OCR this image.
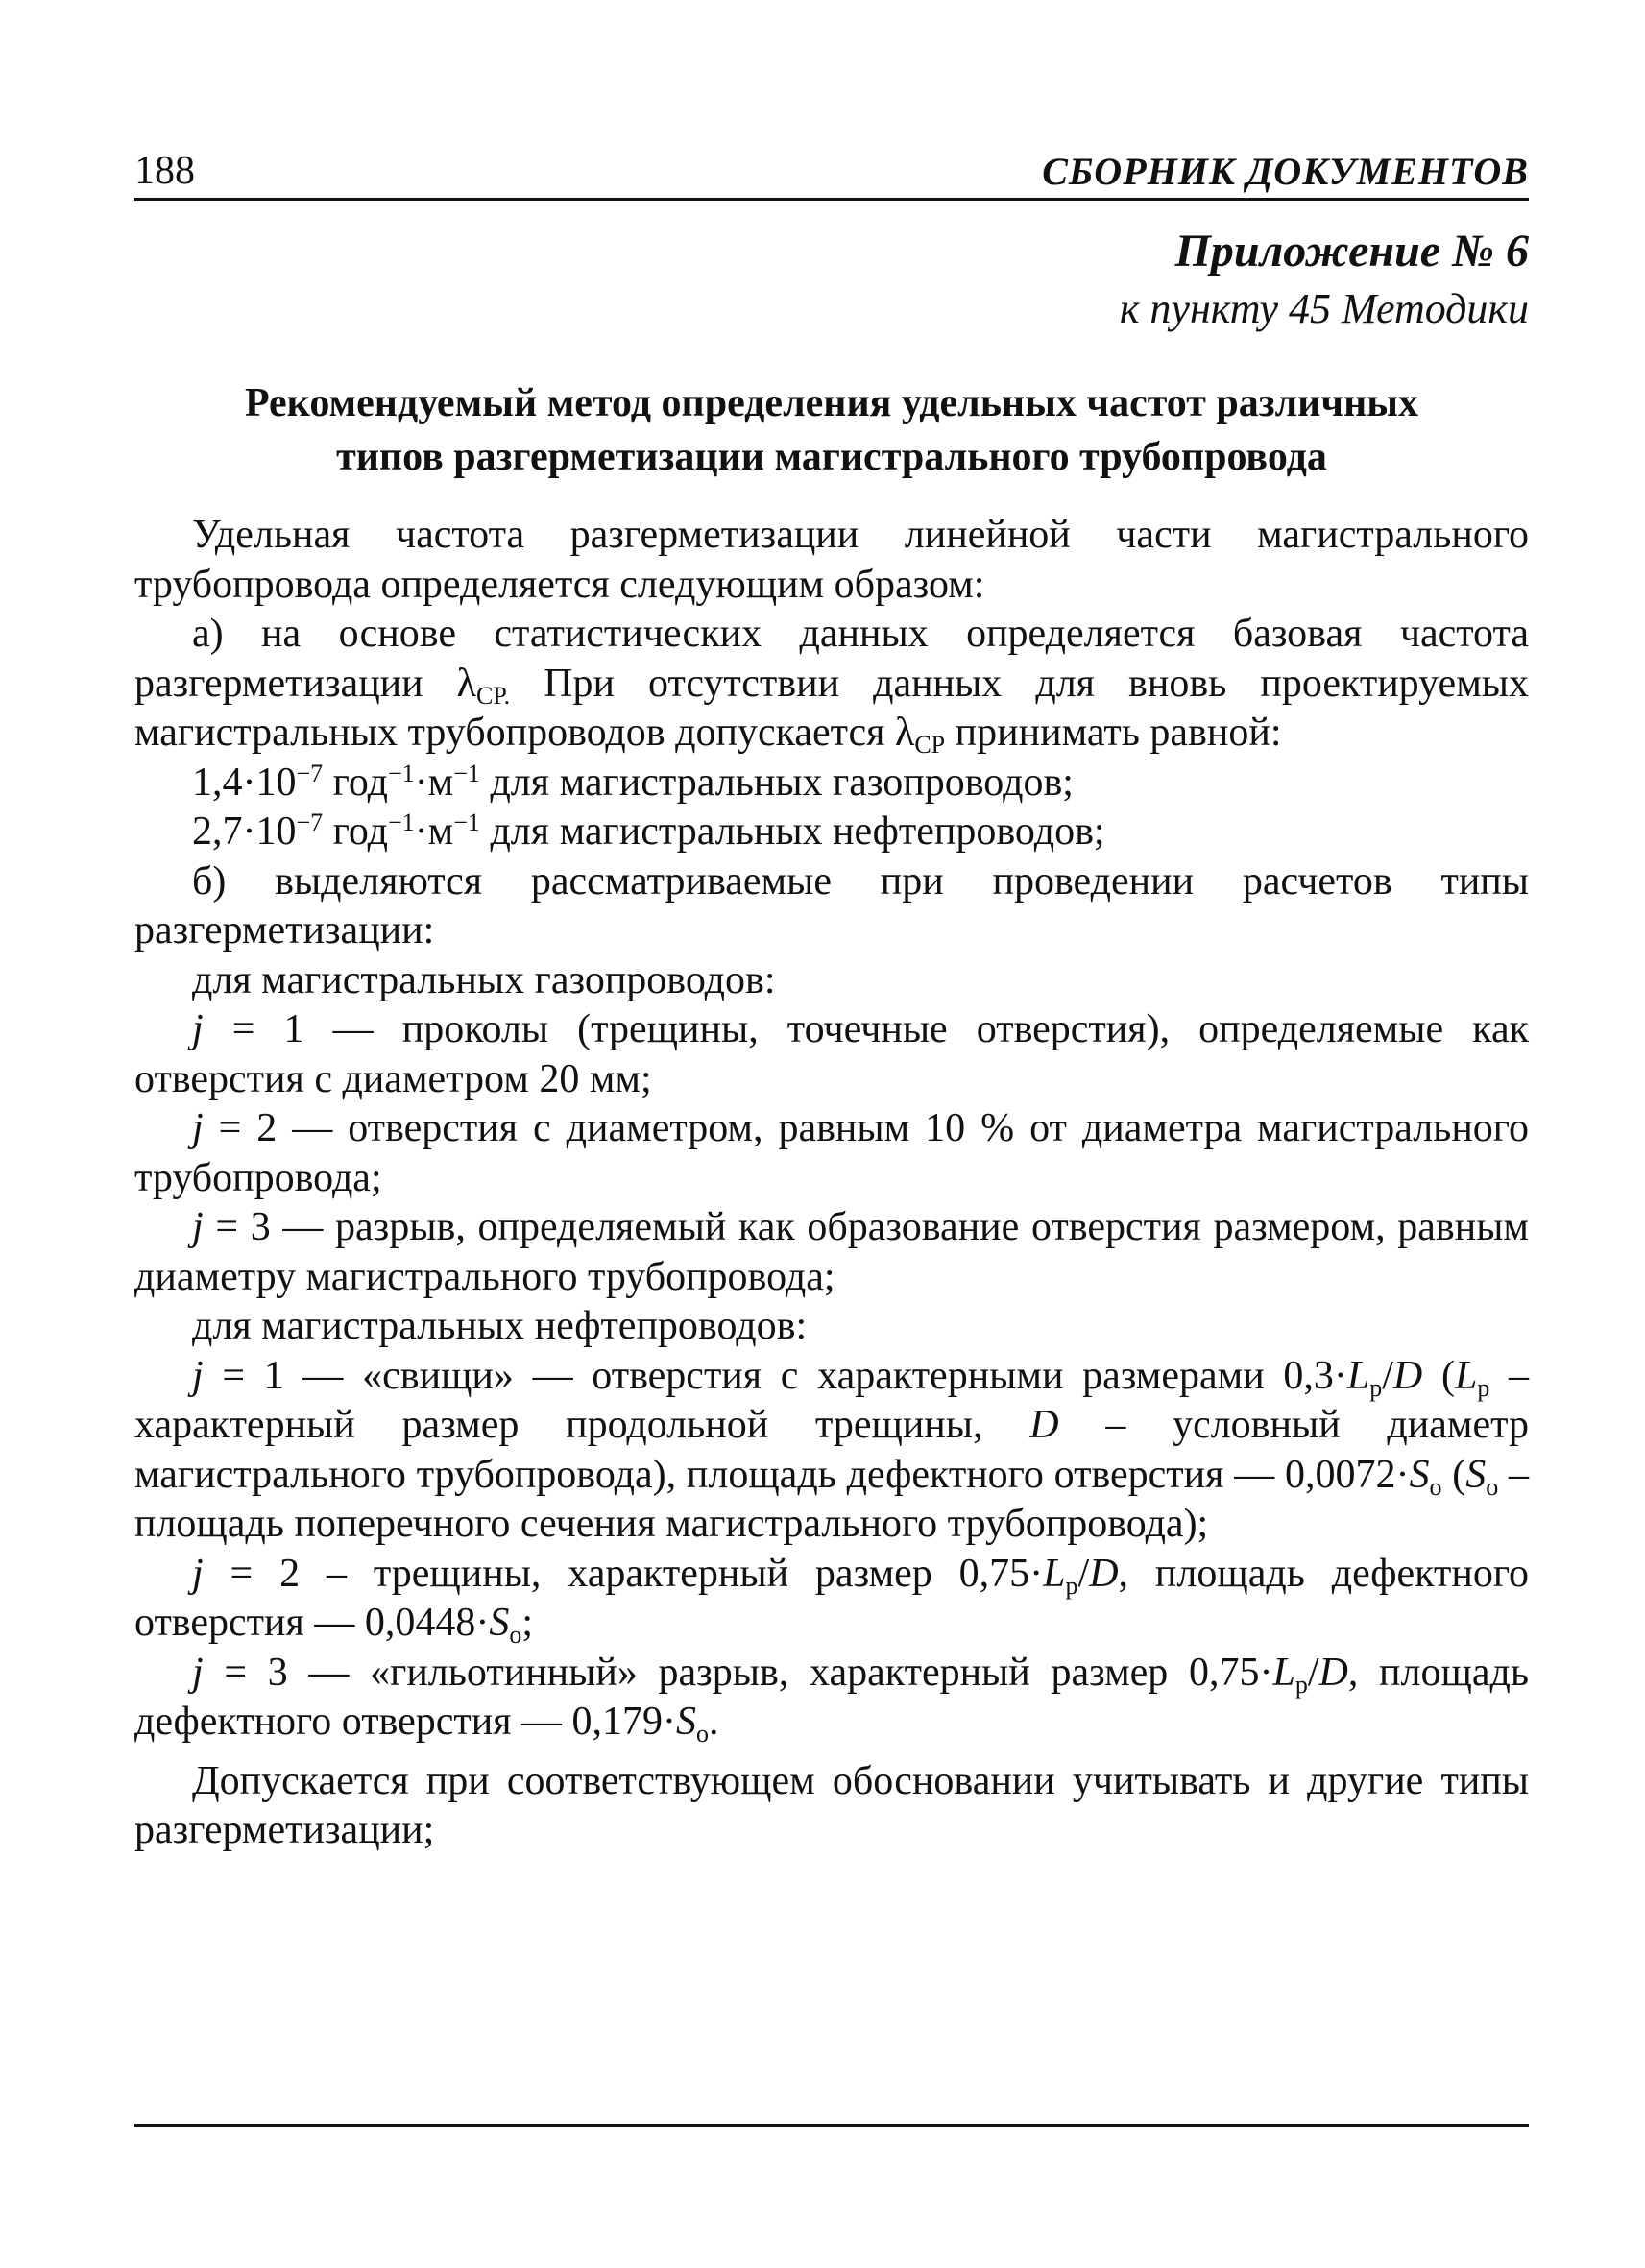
188	СБОРНИК ДОКУМЕНТОВ
Приложение № 6
к пункту 45 Методики
Рекомендуемый метод определения удельных частот различных
типов разгерметизации магистрального трубопровода

Удельная частота разгерметизации линейной части магистрального трубопровода определяется следующим образом:

а) на основе статистических данных определяется базовая частота разгерметизации $\lambda_{СР.}$ При отсутствии данных для вновь проектируемых магистральных трубопроводов допускается $\lambda_{СР}$ принимать равной:

$1,4\cdot 10^{-7}$ $год^{-1}\cdot м^{-1}$ для магистральных газопроводов;

$2,7\cdot 10^{-7}$ $год^{-1}\cdot м^{-1}$ для магистральных нефтепроводов;

б) выделяются рассматриваемые при проведении расчетов типы разгерметизации:

для магистральных газопроводов:

j = 1 — проколы (трещины, точечные отверстия), определяемые как отверстия с диаметром 20 мм;

j = 2 — отверстия с диаметром, равным 10 % от диаметра магистрального трубопровода;

j = 3 — разрыв, определяемый как образование отверстия размером, равным диаметру магистрального трубопровода;

для магистральных нефтепроводов:

j = 1 — «свищи» — отверстия с характерными размерами $0,3\cdot L_р/D$ ($L_р$ – характерный размер продольной трещины, D – условный диаметр магистрального трубопровода), площадь дефектного отверстия — $0,0072\cdot S_о$ ($S_о$ – площадь поперечного сечения магистрального трубопровода);

j = 2 – трещины, характерный размер $0,75\cdot L_р/D$, площадь дефектного отверстия — $0,0448\cdot S_о$;

j = 3 — «гильотинный» разрыв, характерный размер $0,75\cdot L_р/D$, площадь дефектного отверстия — $0,179\cdot S_о$.

Допускается при соответствующем обосновании учитывать и другие типы разгерметизации;
